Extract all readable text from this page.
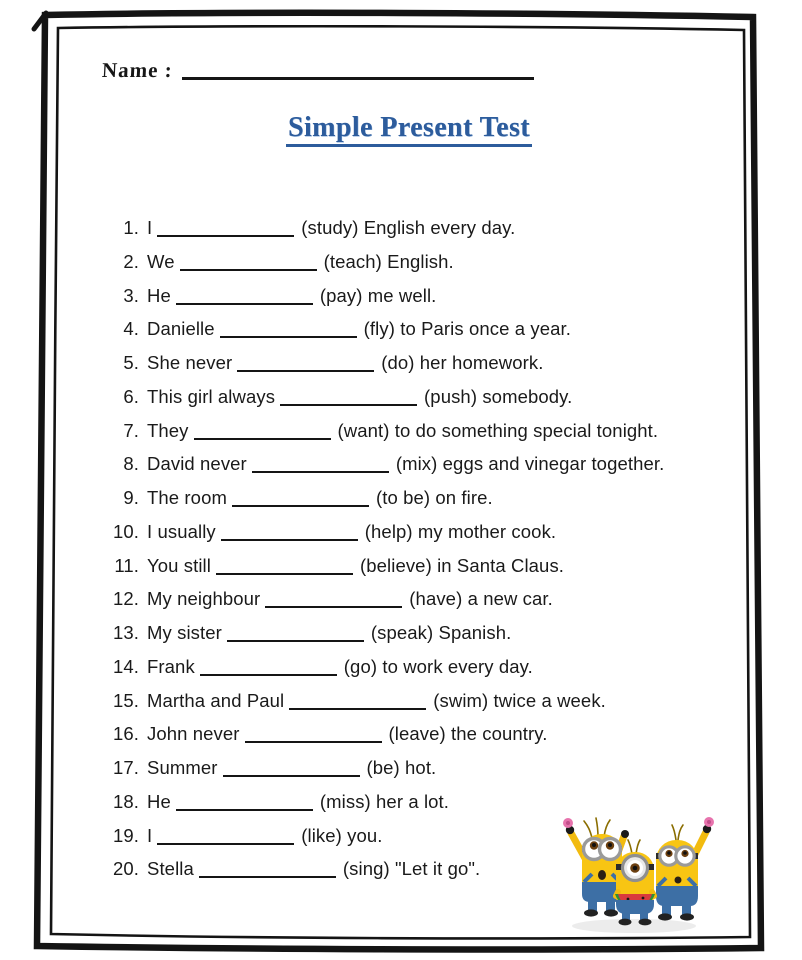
Name :
Simple Present Test
1. I	(study) English every day.
2. We	(teach) English.
3. He	(pay) me well.
4. Danielle	(fly) to Paris once a year.
5. She never	(do) her homework.
6. This girl always	(push) somebody.
7. They	(want) to do something special tonight.
8. David never	(mix) eggs and vinegar together.
9. The room	(to be) on fire.
10. I usually	(help) my mother cook.
11. You still	(believe) in Santa Claus.
12. My neighbour	(have) a new car.
13. My sister	(speak) Spanish.
14. Frank	(go) to work every day.
15. Martha and Paul	(swim) twice a week.
16. John never	(leave) the country.
17. Summer	(be) hot.
18. He	(miss) her a lot.
19. I	(like) you.
20. Stella	(sing) "Let it go".
